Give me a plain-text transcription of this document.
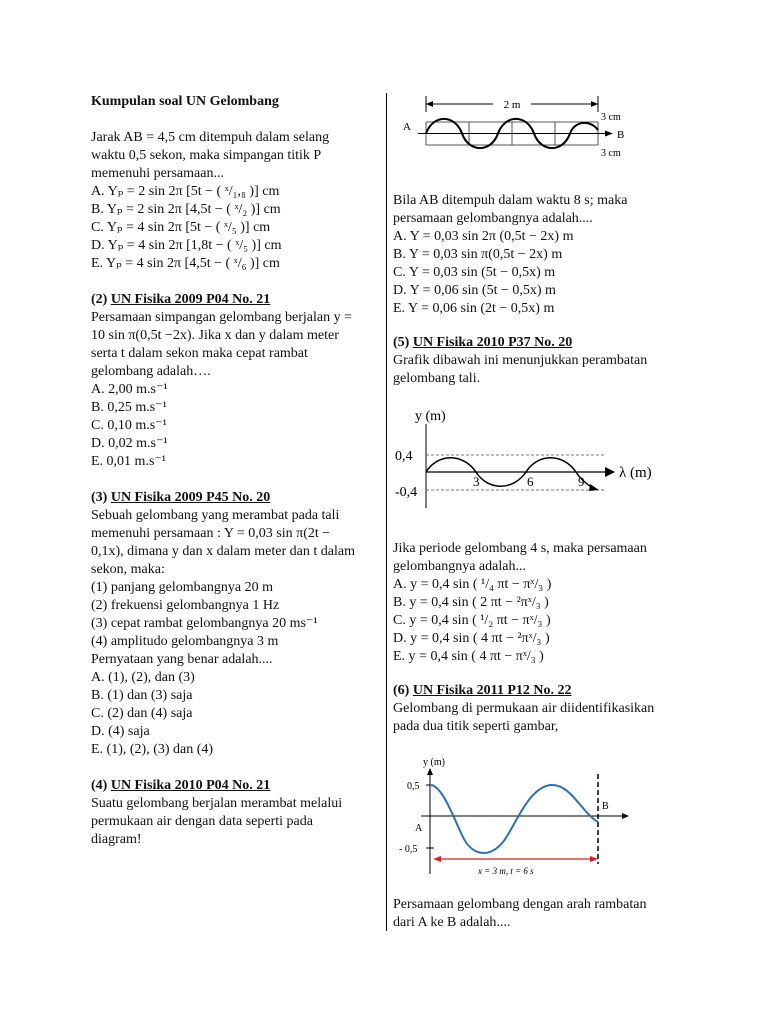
Kumpulan soal UN Gelombang
Jarak AB = 4,5 cm ditempuh dalam selang
waktu 0,5 sekon, maka simpangan titik P
memenuhi persamaan...
A. Yₚ = 2 sin 2π [5t − ( ˣ/₁,₈ )] cm
B. Yₚ = 2 sin 2π [4,5t − ( ˣ/₂ )] cm
C. Yₚ = 4 sin 2π [5t − ( ˣ/₅ )] cm
D. Yₚ = 4 sin 2π [1,8t − ( ˣ/₅ )] cm
E. Yₚ = 4 sin 2π [4,5t − ( ˣ/₆ )] cm
(2) UN Fisika 2009 P04 No. 21
Persamaan simpangan gelombang berjalan y =
10 sin π(0,5t −2x). Jika x dan y dalam meter
serta t dalam sekon maka cepat rambat
gelombang adalah….
A. 2,00 m.s⁻¹
B. 0,25 m.s⁻¹
C. 0,10 m.s⁻¹
D. 0,02 m.s⁻¹
E. 0,01 m.s⁻¹
(3) UN Fisika 2009 P45 No. 20
Sebuah gelombang yang merambat pada tali
memenuhi persamaan : Y = 0,03 sin π(2t −
0,1x), dimana y dan x dalam meter dan t dalam
sekon, maka:
(1) panjang gelombangnya 20 m
(2) frekuensi gelombangnya 1 Hz
(3) cepat rambat gelombangnya 20 ms⁻¹
(4) amplitudo gelombangnya 3 m
Pernyataan yang benar adalah....
A. (1), (2), dan (3)
B. (1) dan (3) saja
C. (2) dan (4) saja
D. (4) saja
E. (1), (2), (3) dan (4)
(4) UN Fisika 2010 P04 No. 21
Suatu gelombang berjalan merambat melalui
permukaan air dengan data seperti pada
diagram!
2 m
A
B
3 cm
3 cm
Bila AB ditempuh dalam waktu 8 s; maka
persamaan gelombangnya adalah....
A. Y = 0,03 sin 2π (0,5t − 2x) m
B. Y = 0,03 sin π(0,5t − 2x) m
C. Y = 0,03 sin (5t − 0,5x) m
D. Y = 0,06 sin (5t − 0,5x) m
E. Y = 0,06 sin (2t − 0,5x) m
(5) UN Fisika 2010 P37 No. 20
Grafik dibawah ini menunjukkan perambatan
gelombang tali.
y (m)
λ (m)
0,4
-0,4
3	6	9
Jika periode gelombang 4 s, maka persamaan
gelombangnya adalah...
A. y = 0,4 sin ( ¹/₄ πt − πˣ/₃ )
B. y = 0,4 sin ( 2 πt − ²πˣ/₃ )
C. y = 0,4 sin ( ¹/₂ πt − πˣ/₃ )
D. y = 0,4 sin ( 4 πt − ²πˣ/₃ )
E. y = 0,4 sin ( 4 πt − πˣ/₃ )
(6) UN Fisika 2011 P12 No. 22
Gelombang di permukaan air diidentifikasikan
pada dua titik seperti gambar,
y (m)
0,5
- 0,5
A
B
x = 3 m, t = 6 s
Persamaan gelombang dengan arah rambatan
dari A ke B adalah....
